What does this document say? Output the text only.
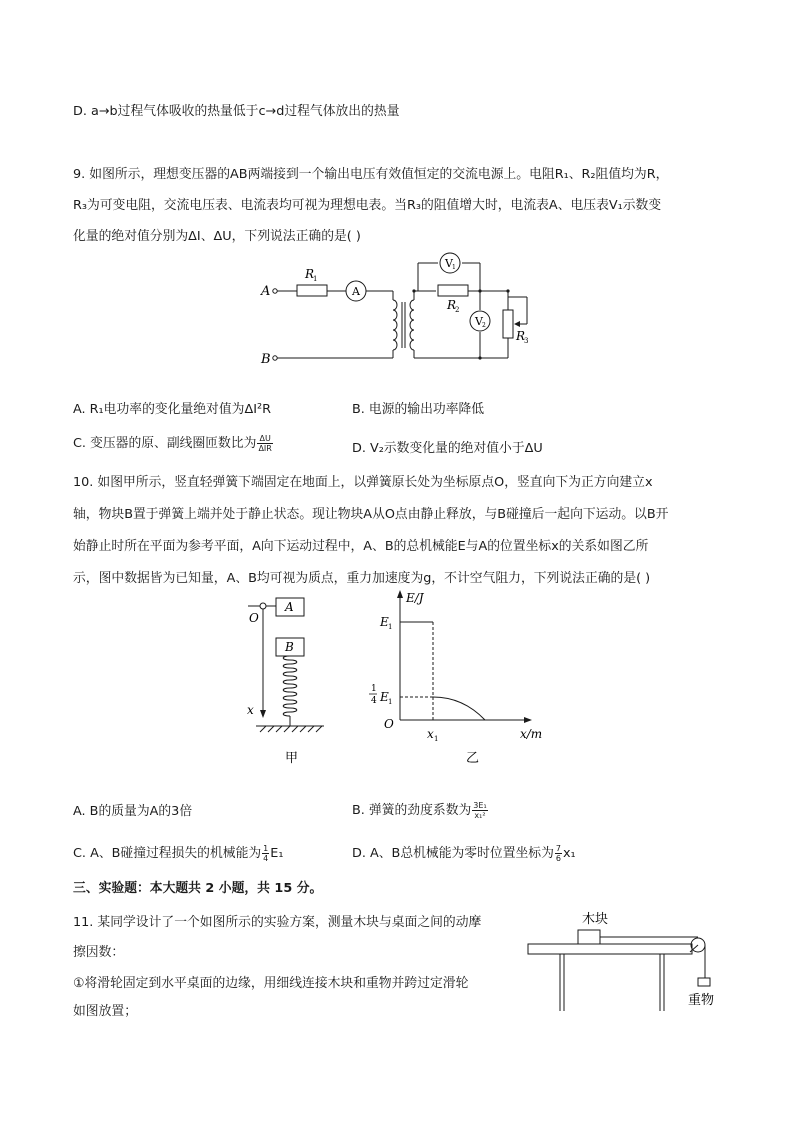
D. a→b过程气体吸收的热量低于c→d过程气体放出的热量
9. 如图所示，理想变压器的AB两端接到一个输出电压有效值恒定的交流电源上。电阻R₁、R₂阻值均为R，
R₃为可变电阻，交流电压表、电流表均可视为理想电表。当R₃的阻值增大时，电流表A、电压表V₁示数变
化量的绝对值分别为ΔI、ΔU，下列说法正确的是( )
A
B
R
1
A
V 1
R
2
V 2
R
3
A. R₁电功率的变化量绝对值为ΔI²R	B. 电源的输出功率降低
C. 变压器的原、副线圈匝数比为 $\frac{\Delta U}{\text{ΔIR}}$	D. V₂示数变化量的绝对值小于ΔU
10. 如图甲所示，竖直轻弹簧下端固定在地面上，以弹簧原长处为坐标原点O，竖直向下为正方向建立x
轴，物块B置于弹簧上端并处于静止状态。现让物块A从O点由静止释放，与B碰撞后一起向下运动。以B开
始静止时所在平面为参考平面，A向下运动过程中，A、B的总机械能E与A的位置坐标x的关系如图乙所
示，图中数据皆为已知量，A、B均可视为质点，重力加速度为g，不计空气阻力，下列说法正确的是( )
A
B
O
x
甲
E/J
E 1
1
4 E 1
O
x 1	x/m
乙
A. B的质量为A的3倍	B. 弹簧的劲度系数为 $\frac{\text{3E₁}}{\text{x₁²}}$
C. A、B碰撞过程损失的机械能为 $\frac{1}{4} E_1$	D. A、B总机械能为零时位置坐标为 $\frac{7}{6} x_1$
三、实验题：本大题共 2 小题，共 15 分。
11. 某同学设计了一个如图所示的实验方案，测量木块与桌面之间的动摩
擦因数：
①将滑轮固定到水平桌面的边缘，用细线连接木块和重物并跨过定滑轮
如图放置；
木块
重物
